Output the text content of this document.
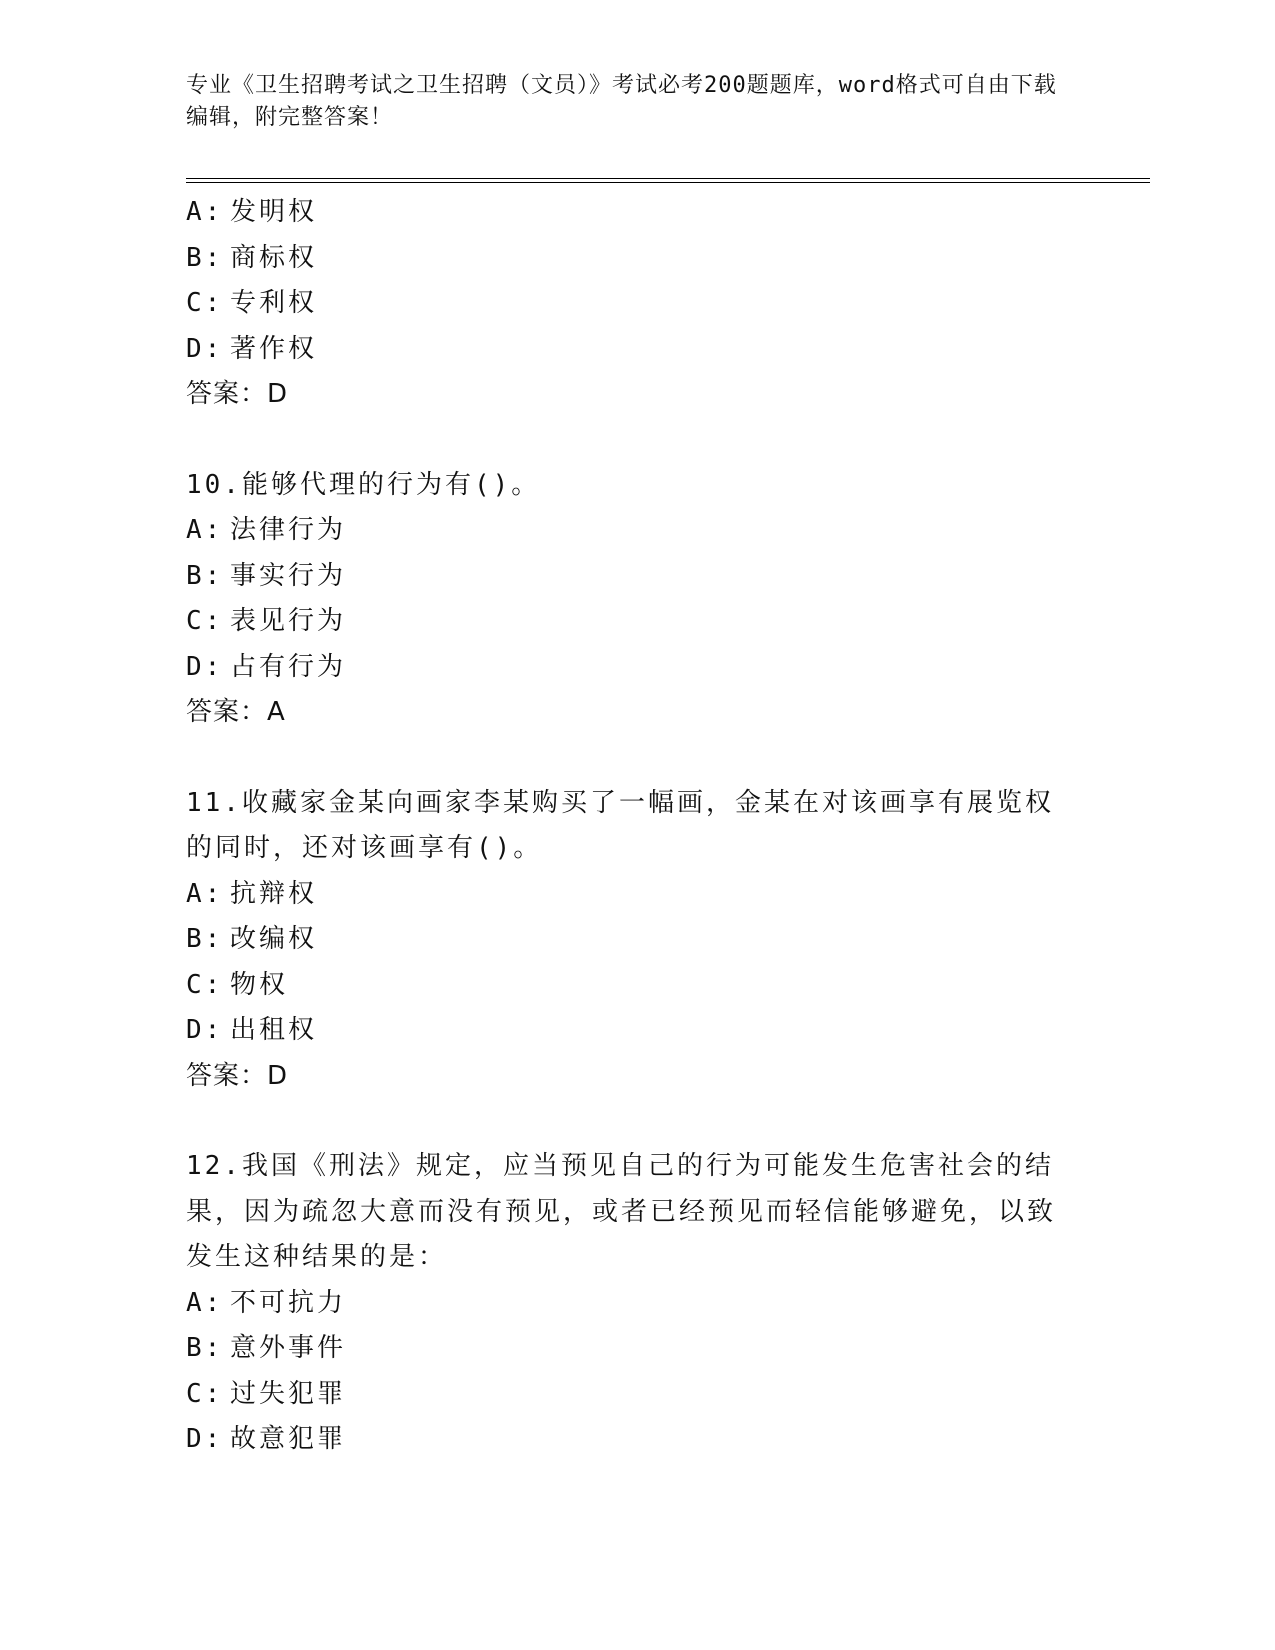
专业《卫生招聘考试之卫生招聘（文员）》考试必考200题题库，word格式可自由下载编辑，附完整答案！
A: 发明权
B: 商标权
C: 专利权
D: 著作权
答案：D
10.能够代理的行为有()。
A: 法律行为
B: 事实行为
C: 表见行为
D: 占有行为
答案：A
11.收藏家金某向画家李某购买了一幅画，金某在对该画享有展览权的同时，还对该画享有()。
A: 抗辩权
B: 改编权
C: 物权
D: 出租权
答案：D
12.我国《刑法》规定，应当预见自己的行为可能发生危害社会的结果，因为疏忽大意而没有预见，或者已经预见而轻信能够避免，以致发生这种结果的是：
A: 不可抗力
B: 意外事件
C: 过失犯罪
D: 故意犯罪
